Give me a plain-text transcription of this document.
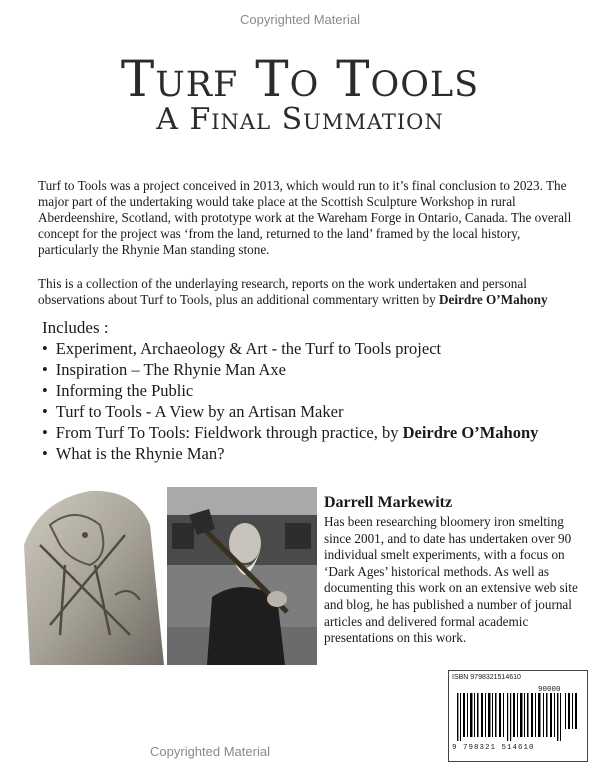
Copyrighted Material
Turf To Tools
A Final Summation
Turf to Tools was a project conceived in 2013, which would run to it’s final conclusion to 2023. The major part of the undertaking would take place at the Scottish Sculpture Workshop in rural Aberdeenshire, Scotland, with prototype work at the Wareham Forge in Ontario, Canada. The overall concept for the project was ‘from the land, returned to the land’ framed by the local history, particularly the Rhynie Man standing stone.
This is a collection of the underlaying research, reports on the work undertaken and personal observations about Turf to Tools, plus an additional commentary written by Deirdre O’Mahony
Includes :
• Experiment, Archaeology & Art - the Turf to Tools project
• Inspiration – The Rhynie Man Axe
• Informing the Public
• Turf to Tools - A View by an Artisan Maker
• From Turf To Tools: Fieldwork through practice, by Deirdre O’Mahony
• What is the Rhynie Man?
Darrell Markewitz
Has been researching bloomery iron smelting since 2001, and to date has undertaken over 90 individual smelt experiments, with a focus on ‘Dark Ages’ historical methods. As well as documenting this work on an extensive web site and blog, he has published a number of journal articles and delivered formal academic presentations on this work.
ISBN 9798321514610
90000
9 798321 514610
Copyrighted Material
